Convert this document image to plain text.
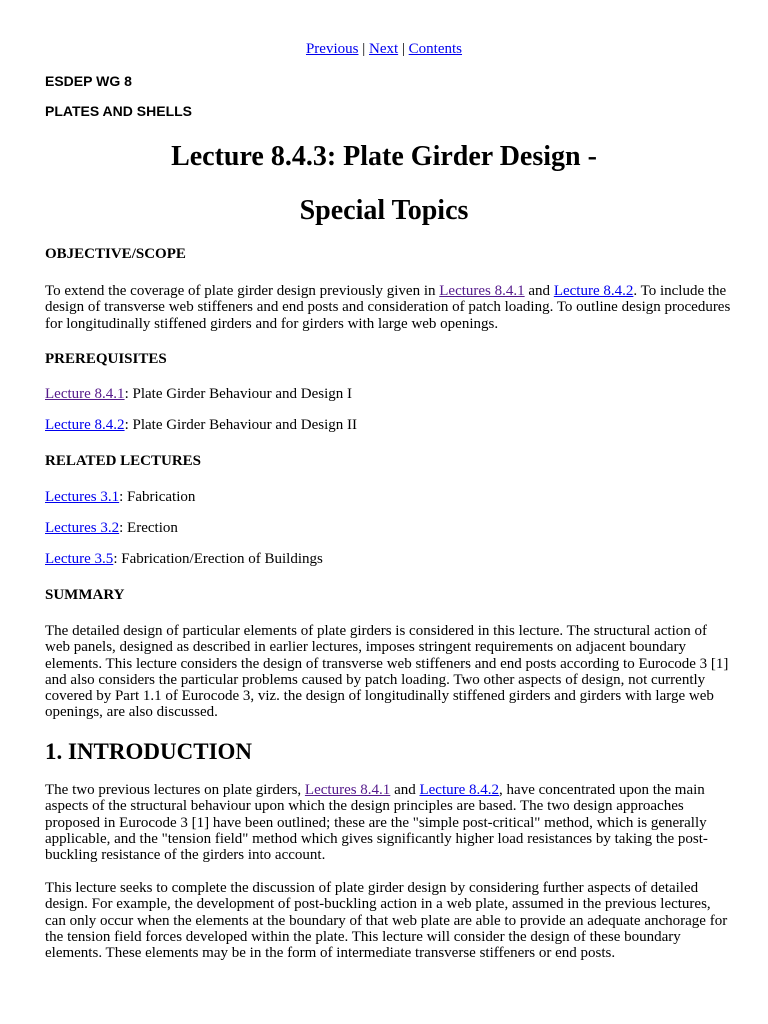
Previous | Next | Contents
ESDEP WG 8
PLATES AND SHELLS
Lecture 8.4.3: Plate Girder Design -
Special Topics
OBJECTIVE/SCOPE
To extend the coverage of plate girder design previously given in Lectures 8.4.1 and Lecture 8.4.2. To include the design of transverse web stiffeners and end posts and consideration of patch loading. To outline design procedures for longitudinally stiffened girders and for girders with large web openings.
PREREQUISITES
Lecture 8.4.1: Plate Girder Behaviour and Design I
Lecture 8.4.2: Plate Girder Behaviour and Design II
RELATED LECTURES
Lectures 3.1: Fabrication
Lectures 3.2: Erection
Lecture 3.5: Fabrication/Erection of Buildings
SUMMARY
The detailed design of particular elements of plate girders is considered in this lecture. The structural action of web panels, designed as described in earlier lectures, imposes stringent requirements on adjacent boundary elements. This lecture considers the design of transverse web stiffeners and end posts according to Eurocode 3 [1] and also considers the particular problems caused by patch loading. Two other aspects of design, not currently covered by Part 1.1 of Eurocode 3, viz. the design of longitudinally stiffened girders and girders with large web openings, are also discussed.
1. INTRODUCTION
The two previous lectures on plate girders, Lectures 8.4.1 and Lecture 8.4.2, have concentrated upon the main aspects of the structural behaviour upon which the design principles are based. The two design approaches proposed in Eurocode 3 [1] have been outlined; these are the "simple post-critical" method, which is generally applicable, and the "tension field" method which gives significantly higher load resistances by taking the post-buckling resistance of the girders into account.
This lecture seeks to complete the discussion of plate girder design by considering further aspects of detailed design. For example, the development of post-buckling action in a web plate, assumed in the previous lectures, can only occur when the elements at the boundary of that web plate are able to provide an adequate anchorage for the tension field forces developed within the plate. This lecture will consider the design of these boundary elements. These elements may be in the form of intermediate transverse stiffeners or end posts.
